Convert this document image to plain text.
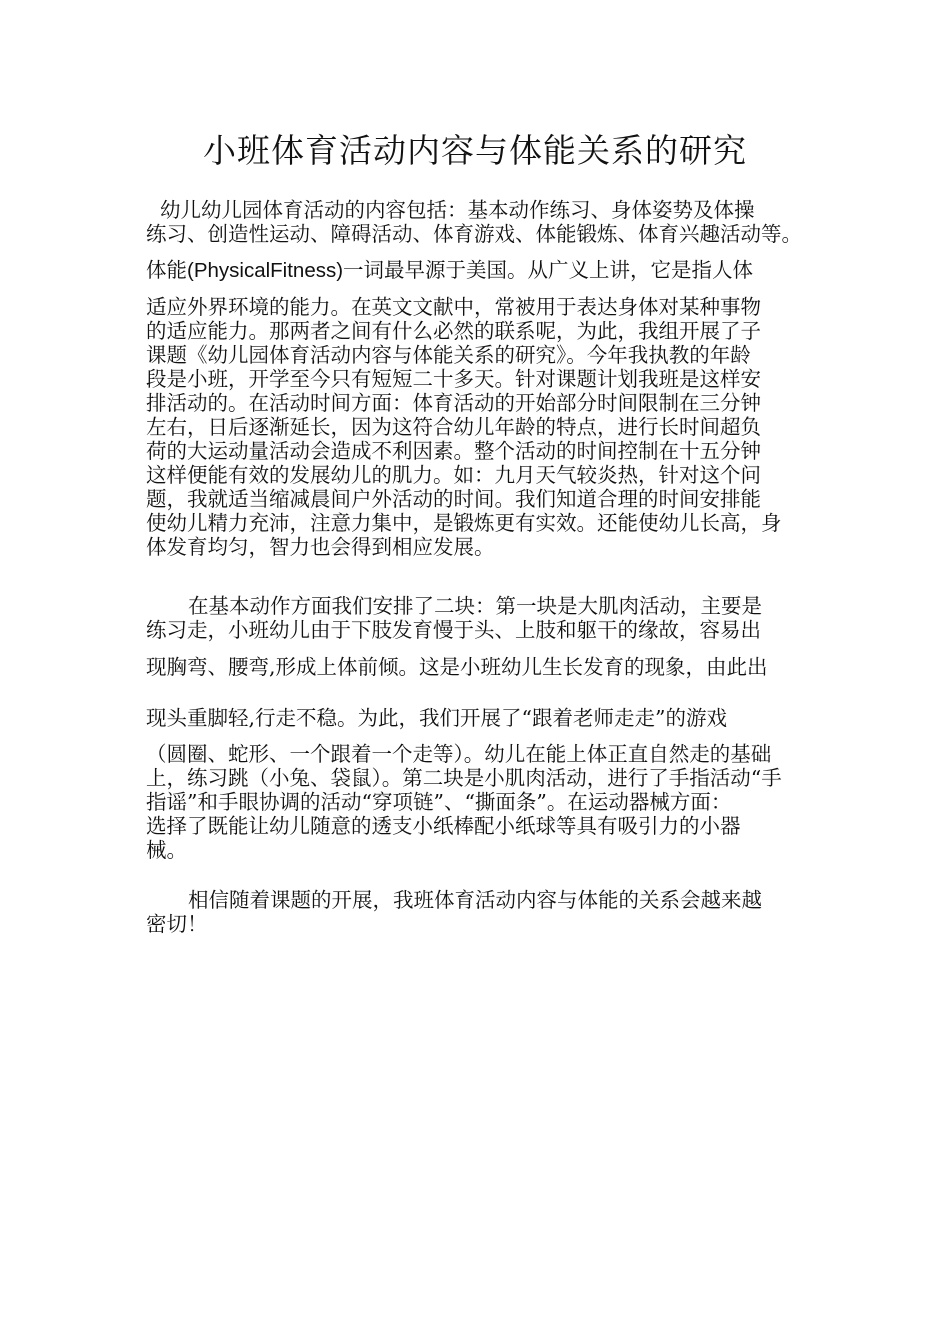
小班体育活动内容与体能关系的研究
幼儿幼儿园体育活动的内容包括：基本动作练习、身体姿势及体操
练习、创造性运动、障碍活动、体育游戏、体能锻炼、体育兴趣活动等。
体能(PhysicalFitness)一词最早源于美国。从广义上讲，它是指人体
适应外界环境的能力。在英文文献中，常被用于表达身体对某种事物
的适应能力。那两者之间有什么必然的联系呢，为此，我组开展了子
课题《幼儿园体育活动内容与体能关系的研究》。今年我执教的年龄
段是小班，开学至今只有短短二十多天。针对课题计划我班是这样安
排活动的。在活动时间方面：体育活动的开始部分时间限制在三分钟
左右，日后逐渐延长，因为这符合幼儿年龄的特点，进行长时间超负
荷的大运动量活动会造成不利因素。整个活动的时间控制在十五分钟
这样便能有效的发展幼儿的肌力。如：九月天气较炎热，针对这个问
题，我就适当缩减晨间户外活动的时间。我们知道合理的时间安排能
使幼儿精力充沛，注意力集中，是锻炼更有实效。还能使幼儿长高，身
体发育均匀，智力也会得到相应发展。
在基本动作方面我们安排了二块：第一块是大肌肉活动，主要是
练习走，小班幼儿由于下肢发育慢于头、上肢和躯干的缘故，容易出
现胸弯、腰弯,形成上体前倾。这是小班幼儿生长发育的现象，由此出
现头重脚轻,行走不稳。为此，我们开展了“跟着老师走走”的游戏
（圆圈、蛇形、一个跟着一个走等）。幼儿在能上体正直自然走的基础
上，练习跳（小兔、袋鼠）。第二块是小肌肉活动，进行了手指活动“手
指谣”和手眼协调的活动“穿项链”、“撕面条”。在运动器械方面：
选择了既能让幼儿随意的透支小纸棒配小纸球等具有吸引力的小器
械。
相信随着课题的开展，我班体育活动内容与体能的关系会越来越
密切！
